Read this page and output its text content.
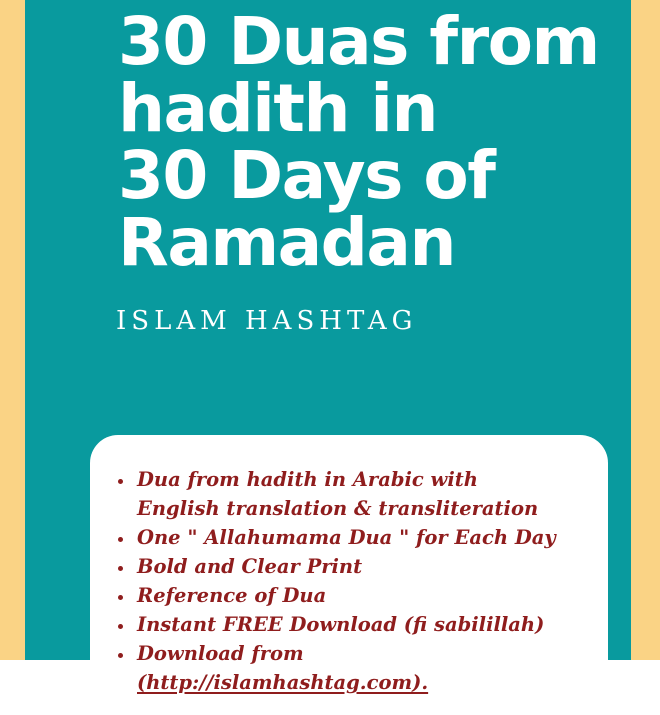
30 Duas from
hadith in
30 Days of
Ramadan
ISLAM HASHTAG
• Dua from hadith in Arabic with English translation & transliteration
• One " Allahumama Dua " for Each Day
• Bold and Clear Print
• Reference of Dua
• Instant FREE Download (fi sabilillah)
• Download from (http://islamhashtag.com).
